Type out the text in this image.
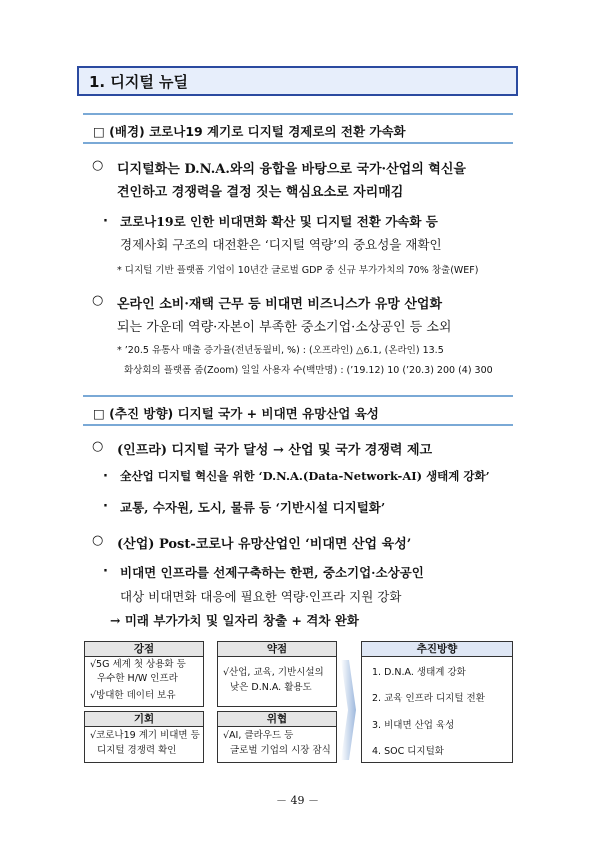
1. 디지털 뉴딜
□ (배경) 코로나19 계기로 디지털 경제로의 전환 가속화
○ 디지털화는 D.N.A.와의 융합을 바탕으로 국가·산업의 혁신을
견인하고 경쟁력을 결정 짓는 핵심요소로 자리매김
· 코로나19로 인한 비대면화 확산 및 디지털 전환 가속화 등
경제사회 구조의 대전환은 ‘디지털 역량’의 중요성을 재확인
* 디지털 기반 플랫폼 기업이 10년간 글로벌 GDP 중 신규 부가가치의 70% 창출(WEF)
○ 온라인 소비·재택 근무 등 비대면 비즈니스가 유망 산업화
되는 가운데 역량·자본이 부족한 중소기업·소상공인 등 소외
* ’20.5 유통사 매출 증가율(전년동월비, %) : (오프라인) △6.1, (온라인) 13.5
화상회의 플랫폼 줌(Zoom) 일일 사용자 수(백만명) : (’19.12) 10 (’20.3) 200 (4) 300
□ (추진 방향) 디지털 국가 + 비대면 유망산업 육성
○ (인프라) 디지털 국가 달성 → 산업 및 국가 경쟁력 제고
· 全산업 디지털 혁신을 위한 ‘D.N.A.(Data-Network-AI) 생태계 강화’
· 교통, 수자원, 도시, 물류 등 ‘기반시설 디지털화’
○ (산업) Post-코로나 유망산업인 ‘비대면 산업 육성’
· 비대면 인프라를 선제구축하는 한편, 중소기업·소상공인
대상 비대면화 대응에 필요한 역량·인프라 지원 강화
→ 미래 부가가치 및 일자리 창출 + 격차 완화
강점
√5G 세계 첫 상용화 등
우수한 H/W 인프라
√방대한 데이터 보유
약점
√산업, 교육, 기반시설의
낮은 D.N.A. 활용도
기회
√코로나19 계기 비대면 등
디지털 경쟁력 확인
위협
√AI, 클라우드 등
글로벌 기업의 시장 잠식
추진방향
1. D.N.A. 생태계 강화
2. 교육 인프라 디지털 전환
3. 비대면 산업 육성
4. SOC 디지털화
－ 49 －
